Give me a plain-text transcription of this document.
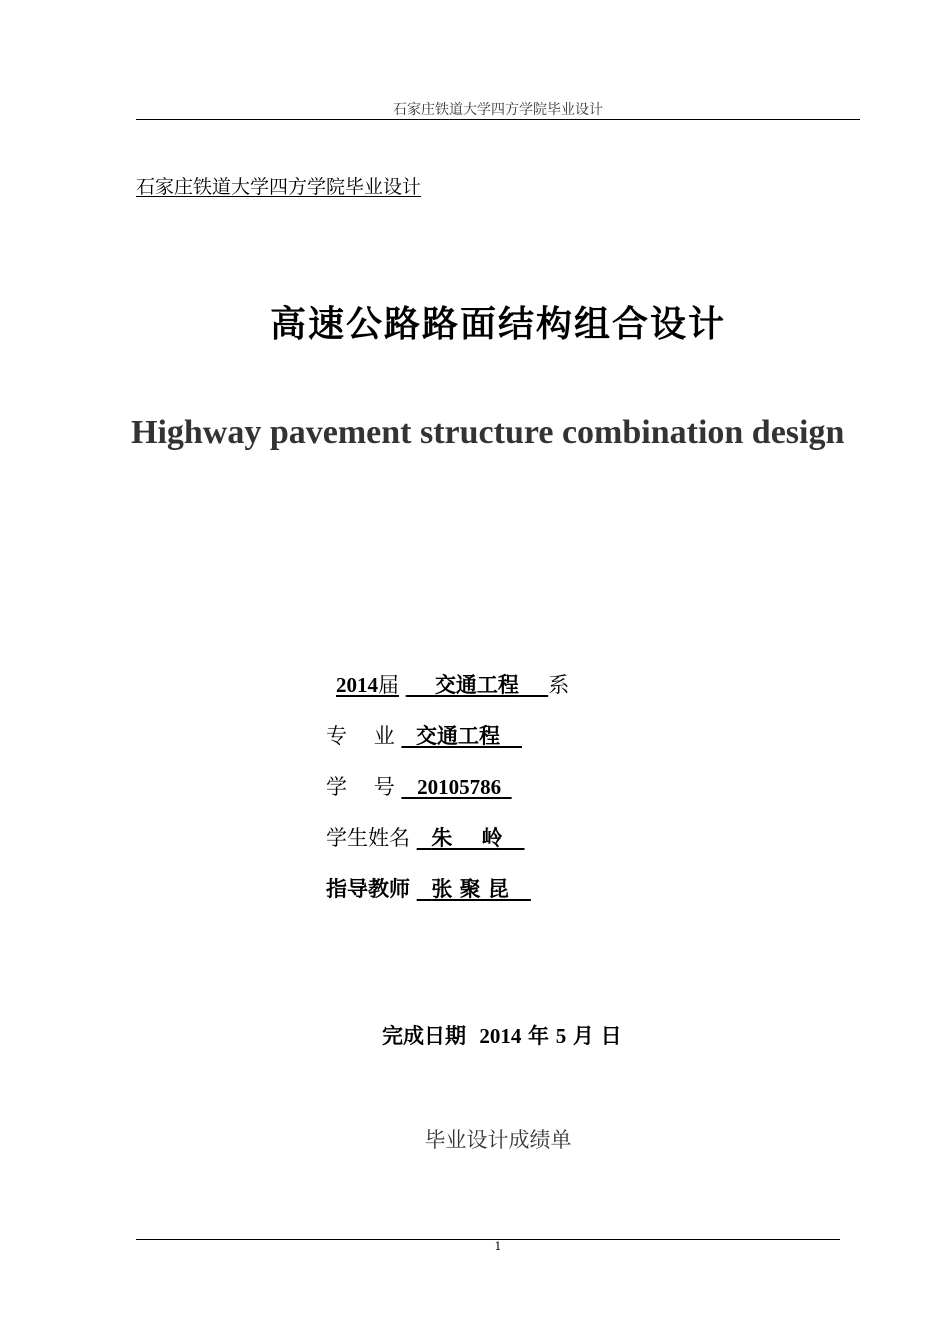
石家庄铁道大学四方学院毕业设计
石家庄铁道大学四方学院毕业设计
高速公路路面结构组合设计
Highway pavement structure combination design
2014届 交通工程 系
专    业 交通工程
学    号 20105786
学生姓名 朱    岭
指导教师 张 聚 昆
完成日期 2014 年 5 月 日
毕业设计成绩单
1
